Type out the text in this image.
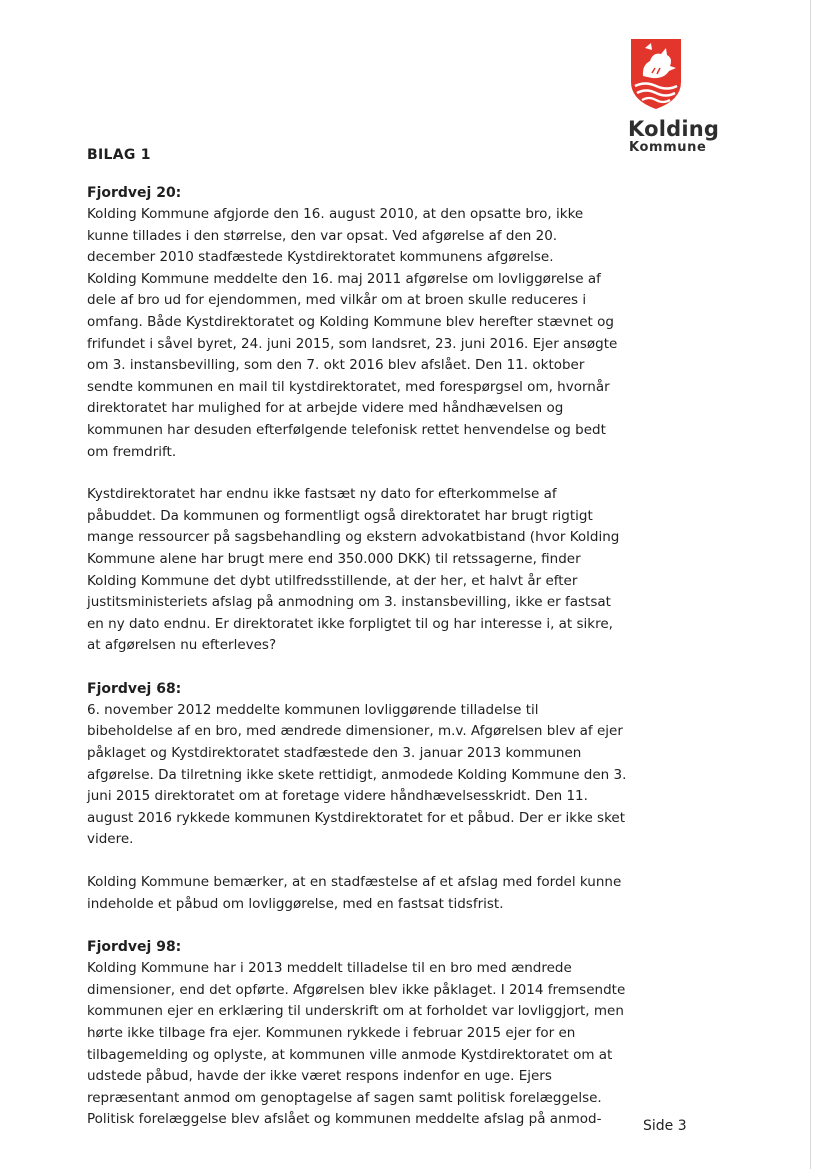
Kolding
Kommune
BILAG 1
Fjordvej 20:

Kolding Kommune afgjorde den 16. august 2010, at den opsatte bro, ikke kunne tillades i den størrelse, den var opsat. Ved afgørelse af den 20. december 2010 stadfæstede Kystdirektoratet kommunens afgørelse.

Kolding Kommune meddelte den 16. maj 2011 afgørelse om lovliggørelse af dele af bro ud for ejendommen, med vilkår om at broen skulle reduceres i omfang. Både Kystdirektoratet og Kolding Kommune blev herefter stævnet og frifundet i såvel byret, 24. juni 2015, som landsret, 23. juni 2016. Ejer ansøgte om 3. instansbevilling, som den 7. okt 2016 blev afslået. Den 11. oktober sendte kommunen en mail til kystdirektoratet, med forespørgsel om, hvornår direktoratet har mulighed for at arbejde videre med håndhævelsen og kommunen har desuden efterfølgende telefonisk rettet henvendelse og bedt om fremdrift.

Kystdirektoratet har endnu ikke fastsæt ny dato for efterkommelse af påbuddet. Da kommunen og formentligt også direktoratet har brugt rigtigt mange ressourcer på sagsbehandling og ekstern advokatbistand (hvor Kolding Kommune alene har brugt mere end 350.000 DKK) til retssagerne, finder Kolding Kommune det dybt utilfredsstillende, at der her, et halvt år efter justitsministeriets afslag på anmodning om 3. instansbevilling, ikke er fastsat en ny dato endnu. Er direktoratet ikke forpligtet til og har interesse i, at sikre, at afgørelsen nu efterleves?

Fjordvej 68:

6. november 2012 meddelte kommunen lovliggørende tilladelse til bibeholdelse af en bro, med ændrede dimensioner, m.v. Afgørelsen blev af ejer påklaget og Kystdirektoratet stadfæstede den 3. januar 2013 kommunen afgørelse. Da tilretning ikke skete rettidigt, anmodede Kolding Kommune den 3. juni 2015 direktoratet om at foretage videre håndhævelsesskridt. Den 11. august 2016 rykkede kommunen Kystdirektoratet for et påbud. Der er ikke sket videre.

Kolding Kommune bemærker, at en stadfæstelse af et afslag med fordel kunne indeholde et påbud om lovliggørelse, med en fastsat tidsfrist.

Fjordvej 98:

Kolding Kommune har i 2013 meddelt tilladelse til en bro med ændrede dimensioner, end det opførte. Afgørelsen blev ikke påklaget. I 2014 fremsendte kommunen ejer en erklæring til underskrift om at forholdet var lovliggjort, men hørte ikke tilbage fra ejer. Kommunen rykkede i februar 2015 ejer for en tilbagemelding og oplyste, at kommunen ville anmode Kystdirektoratet om at udstede påbud, havde der ikke været respons indenfor en uge. Ejers repræsentant anmod om genoptagelse af sagen samt politisk forelæggelse. Politisk forelæggelse blev afslået og kommunen meddelte afslag på anmod-	Side 3
